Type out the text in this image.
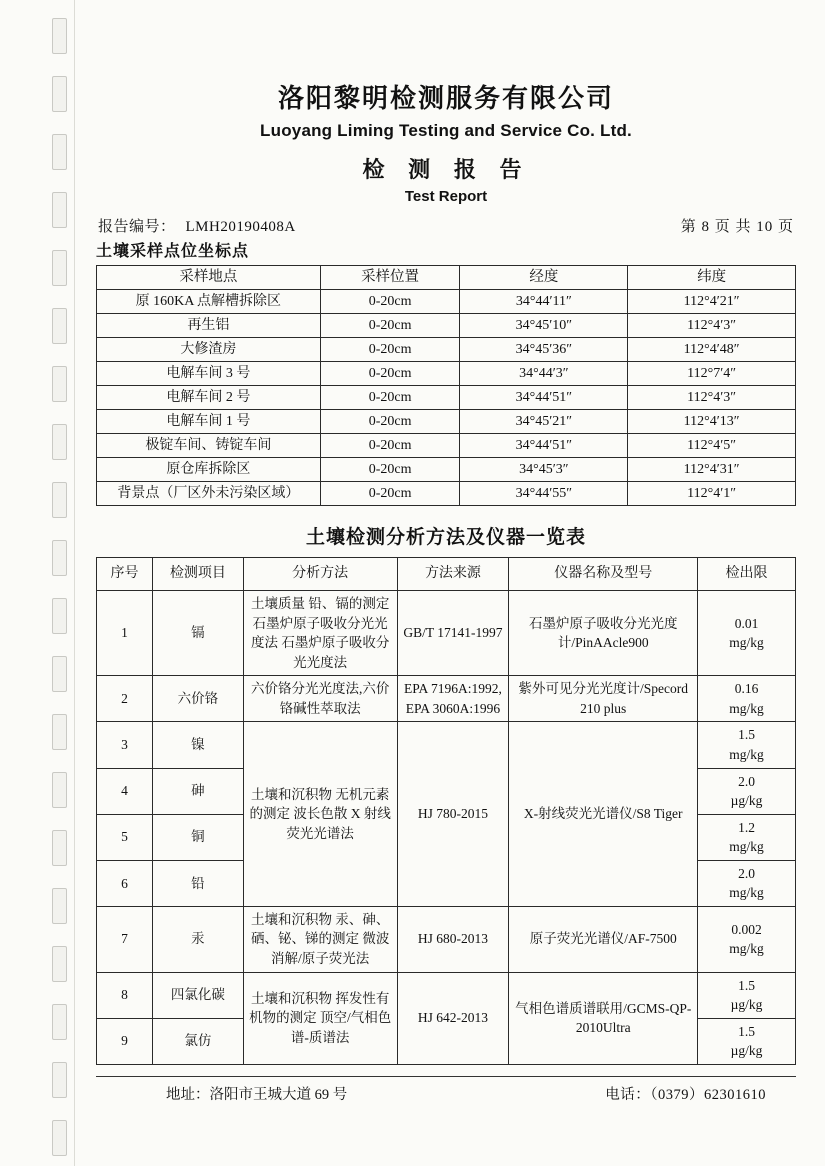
洛阳黎明检测服务有限公司
Luoyang Liming Testing and Service Co. Ltd.
检 测 报 告
Test Report
报告编号： LMH20190408A	第 8 页 共 10 页
土壤采样点位坐标点
采样地点	采样位置	经度	纬度
原 160KA 点解槽拆除区	0-20cm	34°44′11″	112°4′21″
再生铝	0-20cm	34°45′10″	112°4′3″
大修渣房	0-20cm	34°45′36″	112°4′48″
电解车间 3 号	0-20cm	34°44′3″	112°7′4″
电解车间 2 号	0-20cm	34°44′51″	112°4′3″
电解车间 1 号	0-20cm	34°45′21″	112°4′13″
极锭车间、铸锭车间	0-20cm	34°44′51″	112°4′5″
原仓库拆除区	0-20cm	34°45′3″	112°4′31″
背景点（厂区外未污染区域）	0-20cm	34°44′55″	112°4′1″
土壤检测分析方法及仪器一览表
序号	检测项目	分析方法	方法来源	仪器名称及型号	检出限
1	镉	土壤质量 铅、镉的测定 石墨炉原子吸收分光光度法 石墨炉原子吸收分光光度法	GB/T 17141-1997	石墨炉原子吸收分光光度计/PinAAcle900	0.01
mg/kg
2	六价铬	六价铬分光光度法,六价铬碱性萃取法	EPA 7196A:1992, EPA 3060A:1996	紫外可见分光光度计/Specord 210 plus	0.16
mg/kg
3	镍	土壤和沉积物 无机元素的测定 波长色散 X 射线荧光光谱法	HJ 780-2015	X-射线荧光光谱仪/S8 Tiger	1.5
mg/kg
4	砷				2.0
µg/kg
5	铜				1.2
mg/kg
6	铅				2.0
mg/kg
7	汞	土壤和沉积物 汞、砷、硒、铋、锑的测定 微波消解/原子荧光法	HJ 680-2013	原子荧光光谱仪/AF-7500	0.002
mg/kg
8	四氯化碳	土壤和沉积物 挥发性有机物的测定 顶空/气相色谱-质谱法	HJ 642-2013	气相色谱质谱联用/GCMS-QP-2010Ultra	1.5
µg/kg
9	氯仿				1.5
µg/kg
地址：洛阳市王城大道 69 号	电话：（0379）62301610
